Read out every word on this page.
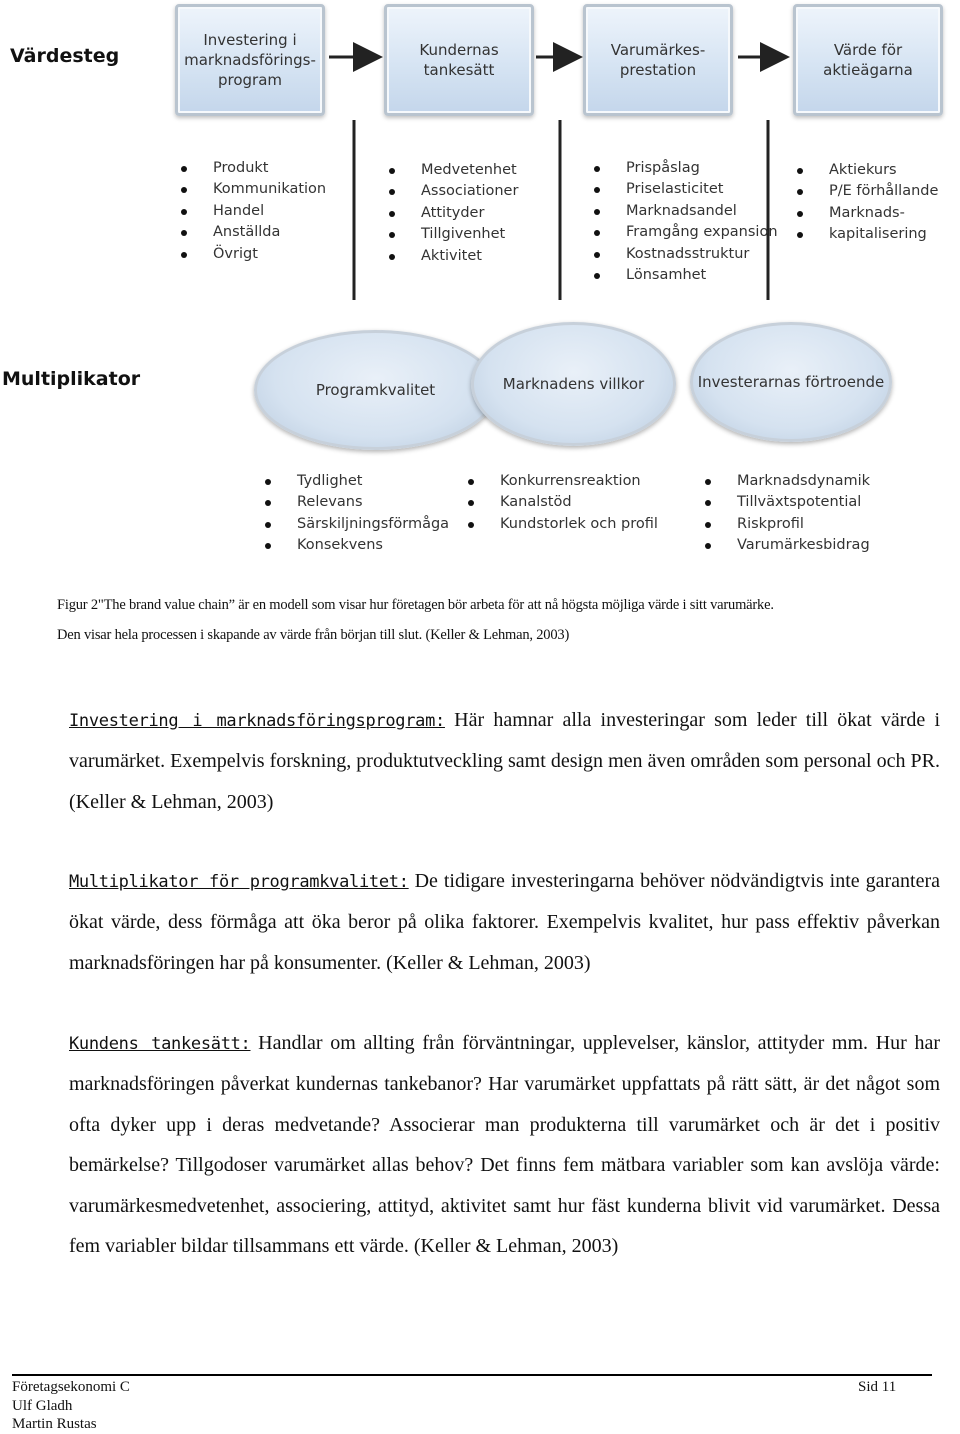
Värdesteg
Investering i marknadsförings-program
Kundernas tankesätt
Varumärkes-prestation
Värde för aktieägarna
Produkt
Kommunikation
Handel
Anställda
Övrigt
Medvetenhet
Associationer
Attityder
Tillgivenhet
Aktivitet
Prispåslag
Priselasticitet
Marknadsandel
Framgång expansion
Kostnadsstruktur
Lönsamhet
Aktiekurs
P/E förhållande
Marknads-
kapitalisering
Multiplikator	Programkvalitet	Marknadens villkor	Investerarnas förtroende
Tydlighet
Relevans
Särskiljningsförmåga
Konsekvens
Konkurrensreaktion
Kanalstöd
Kundstorlek och profil
Marknadsdynamik
Tillväxtspotential
Riskprofil
Varumärkesbidrag
Figur 2"The brand value chain” är en modell som visar hur företagen bör arbeta för att nå högsta möjliga värde i sitt varumärke.
Den visar hela processen i skapande av värde från början till slut. (Keller & Lehman, 2003)

Investering i marknadsföringsprogram: Här hamnar alla investeringar som leder till ökat värde i varumärket. Exempelvis forskning, produktutveckling samt design men även områden som personal och PR. (Keller & Lehman, 2003)

Multiplikator för programkvalitet: De tidigare investeringarna behöver nödvändigtvis inte garantera ökat värde, dess förmåga att öka beror på olika faktorer. Exempelvis kvalitet, hur pass effektiv påverkan marknadsföringen har på konsumenter. (Keller & Lehman, 2003)

Kundens tankesätt: Handlar om allting från förväntningar, upplevelser, känslor, attityder mm. Hur har marknadsföringen påverkat kundernas tankebanor? Har varumärket uppfattats på rätt sätt, är det något som ofta dyker upp i deras medvetande? Associerar man produkterna till varumärket och är det i positiv bemärkelse? Tillgodoser varumärket allas behov? Det finns fem mätbara variabler som kan avslöja värde: varumärkesmedvetenhet, associering, attityd, aktivitet samt hur fäst kunderna blivit vid varumärket. Dessa fem variabler bildar tillsammans ett värde. (Keller & Lehman, 2003)

Företagsekonomi C
Ulf Gladh
Martin Rustas
Sid 11
